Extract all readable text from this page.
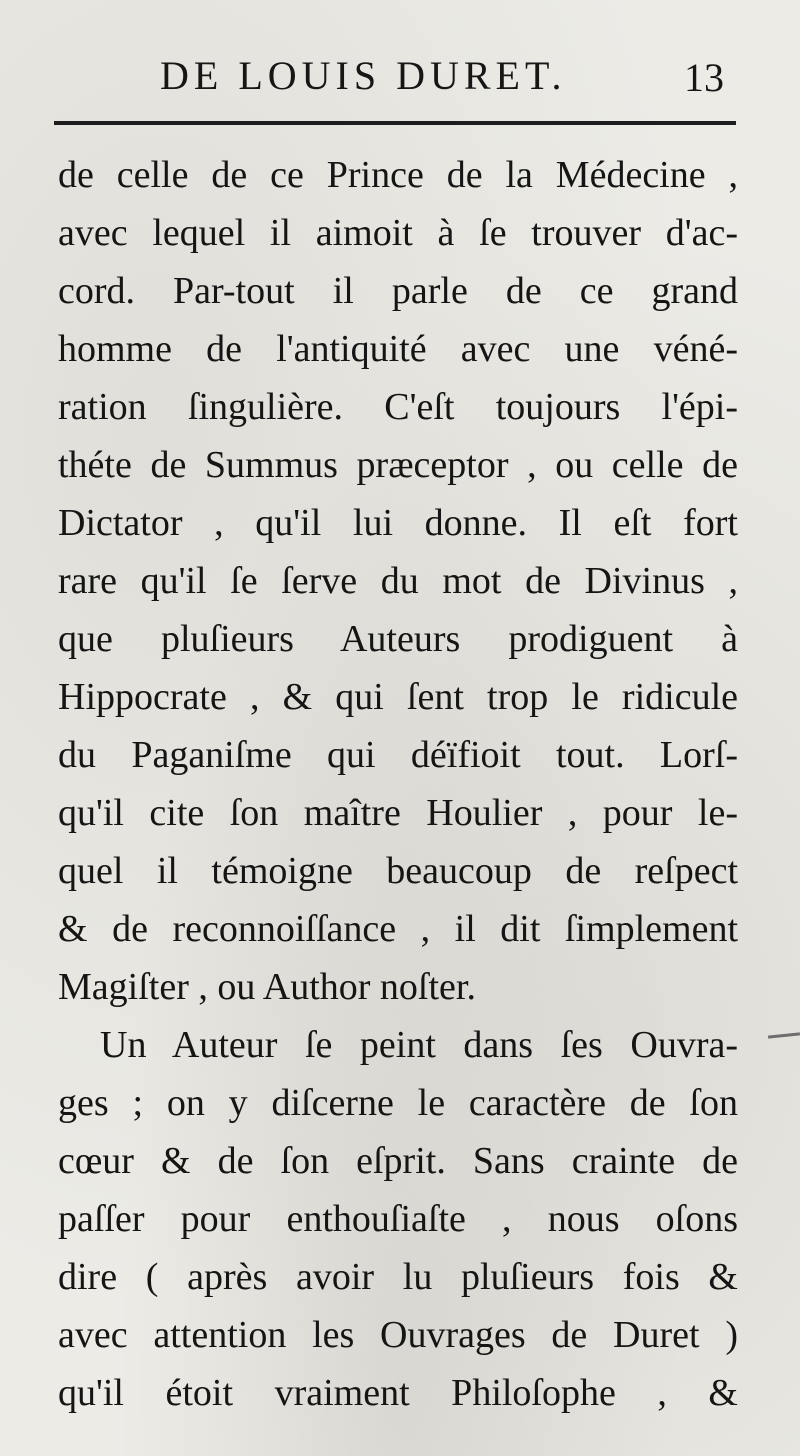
DE LOUIS DURET.	13
de celle de ce Prince de la Médecine ,
avec lequel il aimoit à ſe trouver d'ac-
cord. Par-tout il parle de ce grand
homme de l'antiquité avec une véné-
ration ſingulière. C'eſt toujours l'épi-
théte de Summus præceptor , ou celle de
Dictator , qu'il lui donne. Il eſt fort
rare qu'il ſe ſerve du mot de Divinus ,
que pluſieurs Auteurs prodiguent à
Hippocrate , & qui ſent trop le ridicule
du Paganiſme qui déïfioit tout. Lorſ-
qu'il cite ſon maître Houlier , pour le-
quel il témoigne beaucoup de reſpect
& de reconnoiſſance , il dit ſimplement
Magiſter , ou Author noſter.
Un Auteur ſe peint dans ſes Ouvra-
ges ; on y diſcerne le caractère de ſon
cœur & de ſon eſprit. Sans crainte de
paſſer pour enthouſiaſte , nous oſons
dire ( après avoir lu pluſieurs fois &
avec attention les Ouvrages de Duret )
qu'il étoit vraiment Philoſophe , &
